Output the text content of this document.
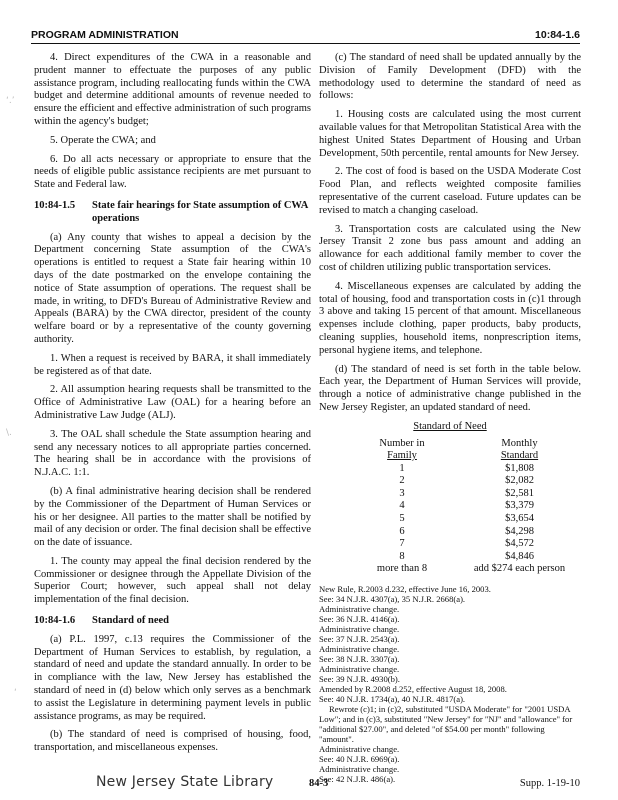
PROGRAM ADMINISTRATION	10:84-1.6
‘.’
\.
‘

4. Direct expenditures of the CWA in a reasonable and prudent manner to effectuate the purposes of any public assistance program, including reallocating funds within the CWA budget and determine additional amounts of revenue needed to ensure the efficient and effective administration of such programs within the agency's budget;

5. Operate the CWA; and

6. Do all acts necessary or appropriate to ensure that the needs of eligible public assistance recipients are met pursuant to State and Federal law.

10:84-1.5	State fair hearings for State assumption of CWA operations

(a) Any county that wishes to appeal a decision by the Department concerning State assumption of the CWA's operations is entitled to request a State fair hearing within 10 days of the date postmarked on the envelope containing the notice of State assumption of operations. The request shall be made, in writing, to DFD's Bureau of Administrative Review and Appeals (BARA) by the CWA director, president of the county welfare board or by a representative of the county governing authority.

1. When a request is received by BARA, it shall immediately be registered as of that date.

2. All assumption hearing requests shall be transmitted to the Office of Administrative Law (OAL) for a hearing before an Administrative Law Judge (ALJ).

3. The OAL shall schedule the State assumption hearing and send any necessary notices to all appropriate parties concerned. The hearing shall be in accordance with the provisions of N.J.A.C. 1:1.

(b) A final administrative hearing decision shall be rendered by the Commissioner of the Department of Human Services or his or her designee. All parties to the matter shall be notified by mail of any decision or order. The final decision shall be effective on the date of issuance.

1. The county may appeal the final decision rendered by the Commissioner or designee through the Appellate Division of the Superior Court; however, such appeal shall not delay implementation of the final decision.

10:84-1.6	Standard of need

(a) P.L. 1997, c.13 requires the Commissioner of the Department of Human Services to establish, by regulation, a standard of need and update the standard annually. In order to be in compliance with the law, New Jersey has established the standard of need in (d) below which only serves as a benchmark to assist the Legislature in determining payment levels in public assistance programs, as may be required.

(b) The standard of need is comprised of housing, food, transportation, and miscellaneous expenses.

(c) The standard of need shall be updated annually by the Division of Family Development (DFD) with the methodology used to determine the standard of need as follows:

1. Housing costs are calculated using the most current available values for that Metropolitan Statistical Area with the highest United States Department of Housing and Urban Development, 50th percentile, rental amounts for New Jersey.

2. The cost of food is based on the USDA Moderate Cost Food Plan, and reflects weighted composite families representative of the current caseload. Future updates can be revised to match a changing caseload.

3. Transportation costs are calculated using the New Jersey Transit 2 zone bus pass amount and adding an allowance for each additional family member to cover the cost of children utilizing public transportation services.

4. Miscellaneous expenses are calculated by adding the total of housing, food and transportation costs in (c)1 through 3 above and taking 15 percent of that amount. Miscellaneous expenses include clothing, paper products, baby products, cleaning supplies, household items, nonprescription items, personal hygiene items, and telephone.

(d) The standard of need is set forth in the table below. Each year, the Department of Human Services will provide, through a notice of administrative change published in the New Jersey Register, an updated standard of need.

Standard of Need
Number in	Monthly
Family	Standard
1	$1,808
2	$2,082
3	$2,581
4	$3,379
5	$3,654
6	$4,298
7	$4,572
8	$4,846
more than 8	add $274 each person
New Rule, R.2003 d.232, effective June 16, 2003.
See: 34 N.J.R. 4307(a), 35 N.J.R. 2668(a).
Administrative change.
See: 36 N.J.R. 4146(a).
Administrative change.
See: 37 N.J.R. 2543(a).
Administrative change.
See: 38 N.J.R. 3307(a).
Administrative change.
See: 39 N.J.R. 4930(b).
Amended by R.2008 d.252, effective August 18, 2008.
See: 40 N.J.R. 1734(a), 40 N.J.R. 4817(a).
Rewrote (c)1; in (c)2, substituted "USDA Moderate" for "2001 USDA Low"; and in (c)3, substituted "New Jersey" for "NJ" and "allowance" for "additional $27.00", and deleted "of $54.00 per month" following "amount".
Administrative change.
See: 40 N.J.R. 6969(a).
Administrative change.
See: 42 N.J.R. 486(a).
New Jersey State Library	84-3	Supp. 1-19-10
